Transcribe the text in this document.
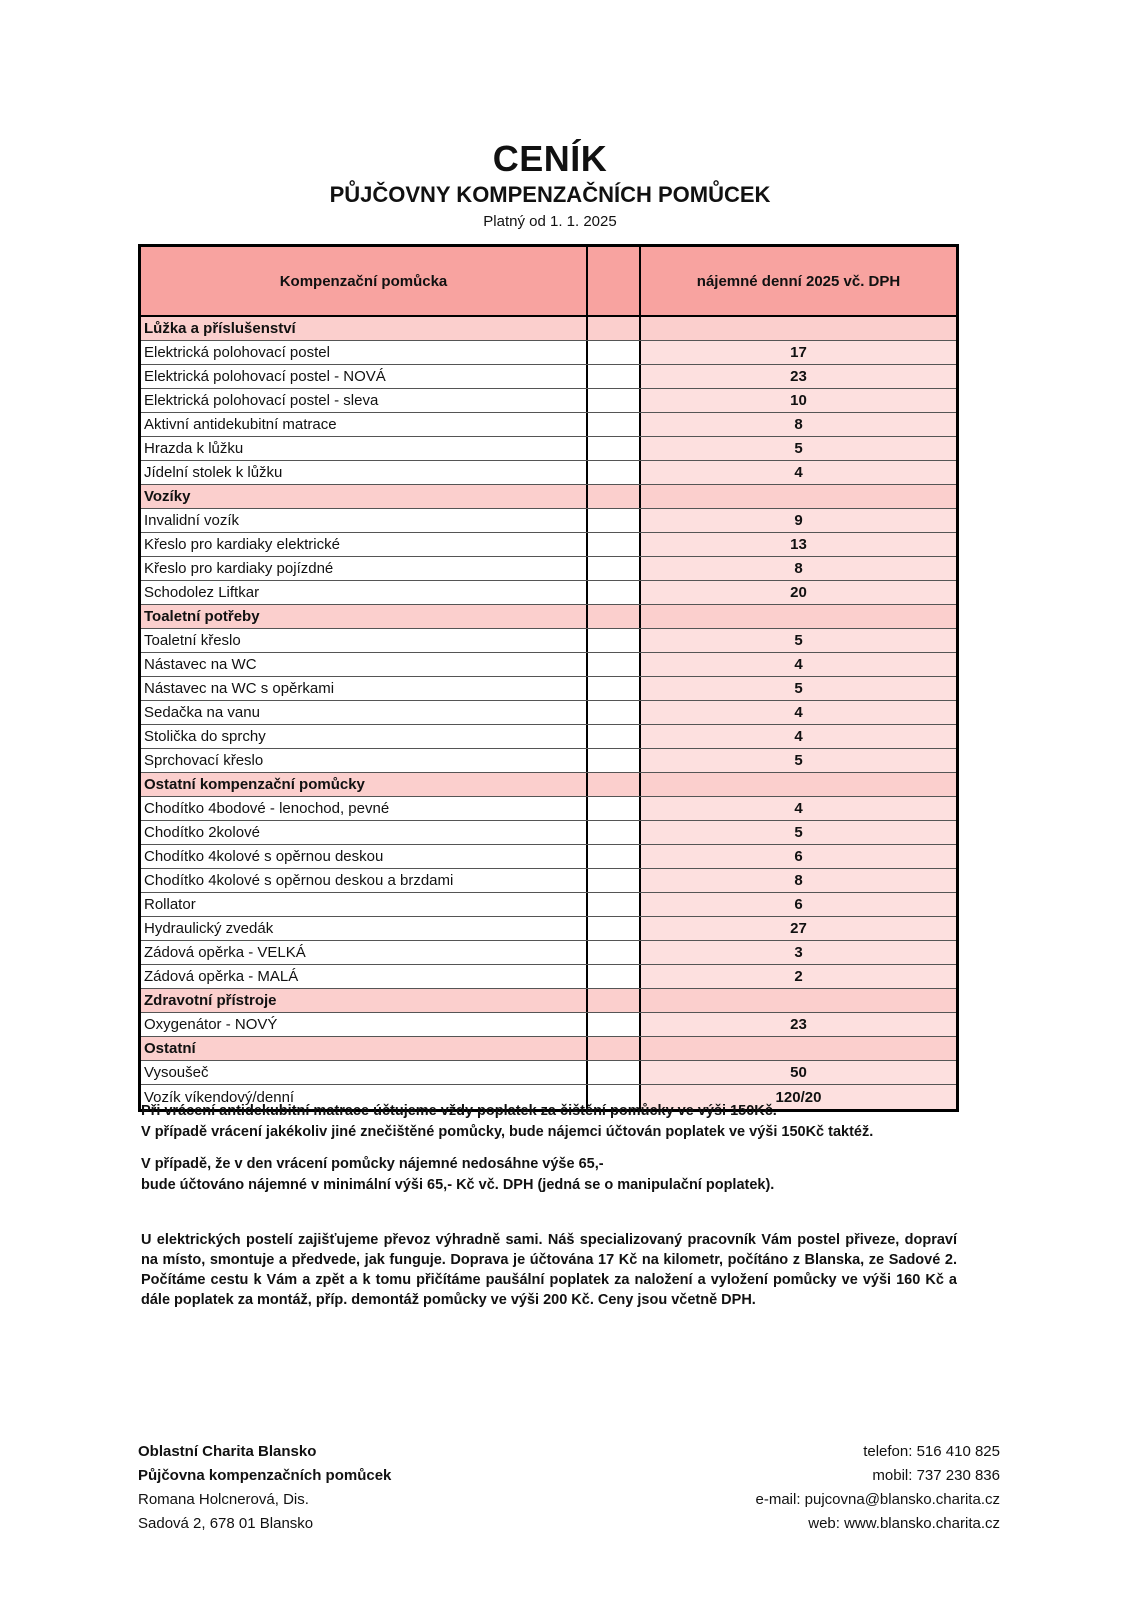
CENÍK
PŮJČOVNY KOMPENZAČNÍCH POMŮCEK
Platný od 1. 1. 2025
Kompenzační pomůcka	nájemné denní 2025 vč. DPH
Lůžka a příslušenství
Elektrická polohovací postel	17
Elektrická polohovací postel - NOVÁ	23
Elektrická polohovací postel - sleva	10
Aktivní antidekubitní matrace	8
Hrazda k lůžku	5
Jídelní stolek k lůžku	4
Vozíky
Invalidní vozík	9
Křeslo pro kardiaky elektrické	13
Křeslo pro kardiaky pojízdné	8
Schodolez Liftkar	20
Toaletní potřeby
Toaletní křeslo	5
Nástavec na WC	4
Nástavec na WC s opěrkami	5
Sedačka na vanu	4
Stolička do sprchy	4
Sprchovací křeslo	5
Ostatní kompenzační pomůcky
Chodítko 4bodové - lenochod, pevné	4
Chodítko 2kolové	5
Chodítko 4kolové s opěrnou deskou	6
Chodítko 4kolové s opěrnou deskou a brzdami	8
Rollator	6
Hydraulický zvedák	27
Zádová opěrka - VELKÁ	3
Zádová opěrka - MALÁ	2
Zdravotní přístroje
Oxygenátor - NOVÝ	23
Ostatní
Vysoušeč	50
Vozík víkendový/denní	120/20
Při vrácení antidekubitní matrace účtujeme vždy poplatek za čištění pomůcky ve výši 150Kč.
V případě vrácení jakékoliv jiné znečištěné pomůcky, bude nájemci účtován poplatek ve výši 150Kč taktéž.
V případě, že v den vrácení pomůcky nájemné nedosáhne výše 65,-
bude účtováno nájemné v minimální výši 65,- Kč vč. DPH (jedná se o manipulační poplatek).
U elektrických postelí zajišťujeme převoz výhradně sami. Náš specializovaný pracovník Vám postel přiveze, dopraví na místo, smontuje a předvede, jak funguje. Doprava je účtována 17 Kč na kilometr, počítáno z Blanska, ze Sadové 2. Počítáme cestu k Vám a zpět a k tomu přičítáme paušální poplatek za naložení a vyložení pomůcky ve výši 160 Kč a dále poplatek za montáž, příp. demontáž pomůcky ve výši 200 Kč. Ceny jsou včetně DPH.
Oblastní Charita Blansko
Půjčovna kompenzačních pomůcek
Romana Holcnerová, Dis.
Sadová 2, 678 01 Blansko
telefon: 516 410 825
mobil: 737 230 836
e-mail: pujcovna@blansko.charita.cz
web: www.blansko.charita.cz
